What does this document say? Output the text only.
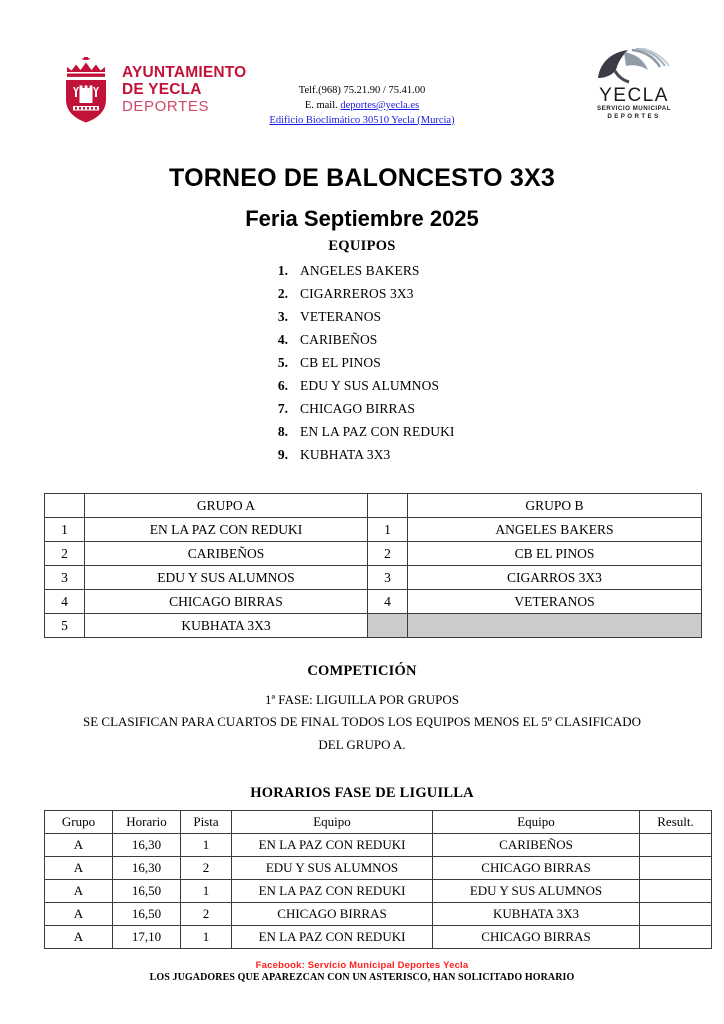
AYUNTAMIENTO
DE YECLA
DEPORTES
Telf.(968) 75.21.90 / 75.41.00
E. mail. deportes@yecla.es
Edificio Bioclimático 30510 Yecla (Murcia)
YECLA
SERVICIO MUNICIPAL
DEPORTES
TORNEO DE BALONCESTO 3X3
Feria Septiembre 2025
EQUIPOS
1. ANGELES BAKERS
2. CIGARREROS 3X3
3. VETERANOS
4. CARIBEÑOS
5. CB EL PINOS
6. EDU Y SUS ALUMNOS
7. CHICAGO BIRRAS
8. EN LA PAZ CON REDUKI
9. KUBHATA 3X3
	GRUPO A		GRUPO B
1	EN LA PAZ CON REDUKI	1	ANGELES BAKERS
2	CARIBEÑOS	2	CB EL PINOS
3	EDU Y SUS ALUMNOS	3	CIGARROS 3X3
4	CHICAGO BIRRAS	4	VETERANOS
5	KUBHATA 3X3		
COMPETICIÓN
1ª FASE: LIGUILLA POR GRUPOS
SE CLASIFICAN PARA CUARTOS DE FINAL TODOS LOS EQUIPOS MENOS EL 5º CLASIFICADO
DEL GRUPO A.
HORARIOS FASE DE LIGUILLA
Grupo	Horario	Pista	Equipo	Equipo	Result.
A	16,30	1	EN LA PAZ CON REDUKI	CARIBEÑOS	
A	16,30	2	EDU Y SUS ALUMNOS	CHICAGO BIRRAS	
A	16,50	1	EN LA PAZ CON REDUKI	EDU Y SUS ALUMNOS	
A	16,50	2	CHICAGO BIRRAS	KUBHATA 3X3	
A	17,10	1	EN LA PAZ CON REDUKI	CHICAGO BIRRAS	
Facebook: Servicio Municipal Deportes Yecla
LOS JUGADORES QUE APAREZCAN CON UN ASTERISCO, HAN SOLICITADO HORARIO
